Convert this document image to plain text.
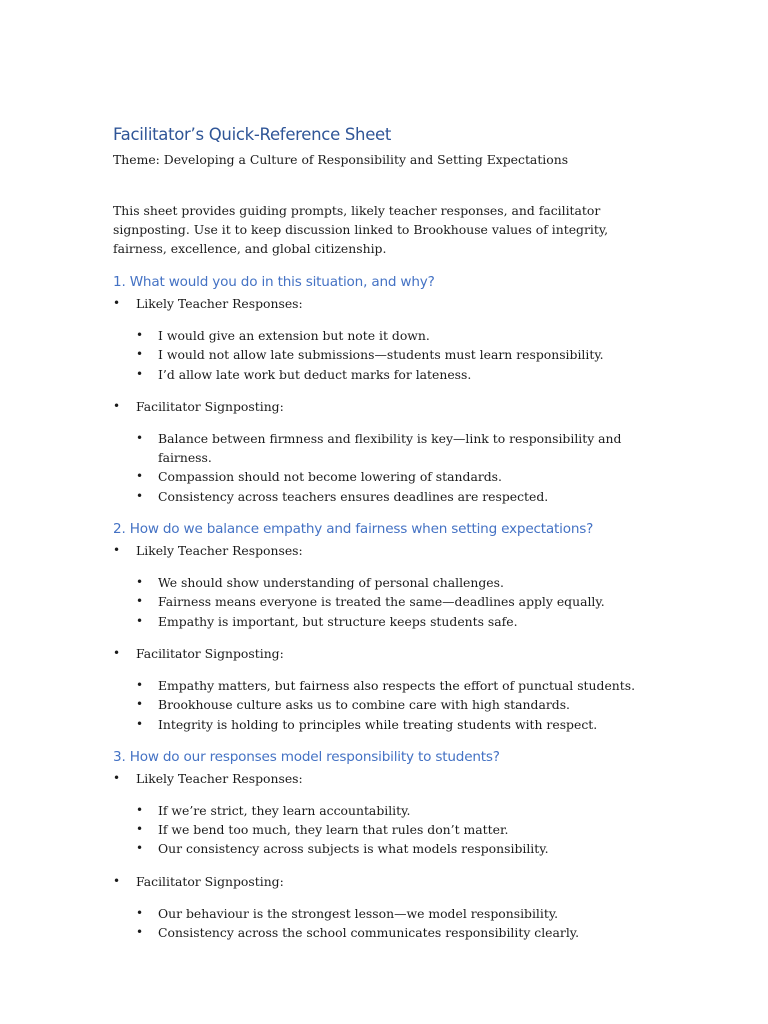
Facilitator’s Quick-Reference Sheet

Theme: Developing a Culture of Responsibility and Setting Expectations

This sheet provides guiding prompts, likely teacher responses, and facilitator signposting. Use it to keep discussion linked to Brookhouse values of integrity, fairness, excellence, and global citizenship.

1. What would you do in this situation, and why?
• Likely Teacher Responses:
• I would give an extension but note it down.
• I would not allow late submissions—students must learn responsibility.
• I’d allow late work but deduct marks for lateness.
• Facilitator Signposting:
• Balance between firmness and flexibility is key—link to responsibility and fairness.
• Compassion should not become lowering of standards.
• Consistency across teachers ensures deadlines are respected.
2. How do we balance empathy and fairness when setting expectations?
• Likely Teacher Responses:
• We should show understanding of personal challenges.
• Fairness means everyone is treated the same—deadlines apply equally.
• Empathy is important, but structure keeps students safe.
• Facilitator Signposting:
• Empathy matters, but fairness also respects the effort of punctual students.
• Brookhouse culture asks us to combine care with high standards.
• Integrity is holding to principles while treating students with respect.
3. How do our responses model responsibility to students?
• Likely Teacher Responses:
• If we’re strict, they learn accountability.
• If we bend too much, they learn that rules don’t matter.
• Our consistency across subjects is what models responsibility.
• Facilitator Signposting:
• Our behaviour is the strongest lesson—we model responsibility.
• Consistency across the school communicates responsibility clearly.
